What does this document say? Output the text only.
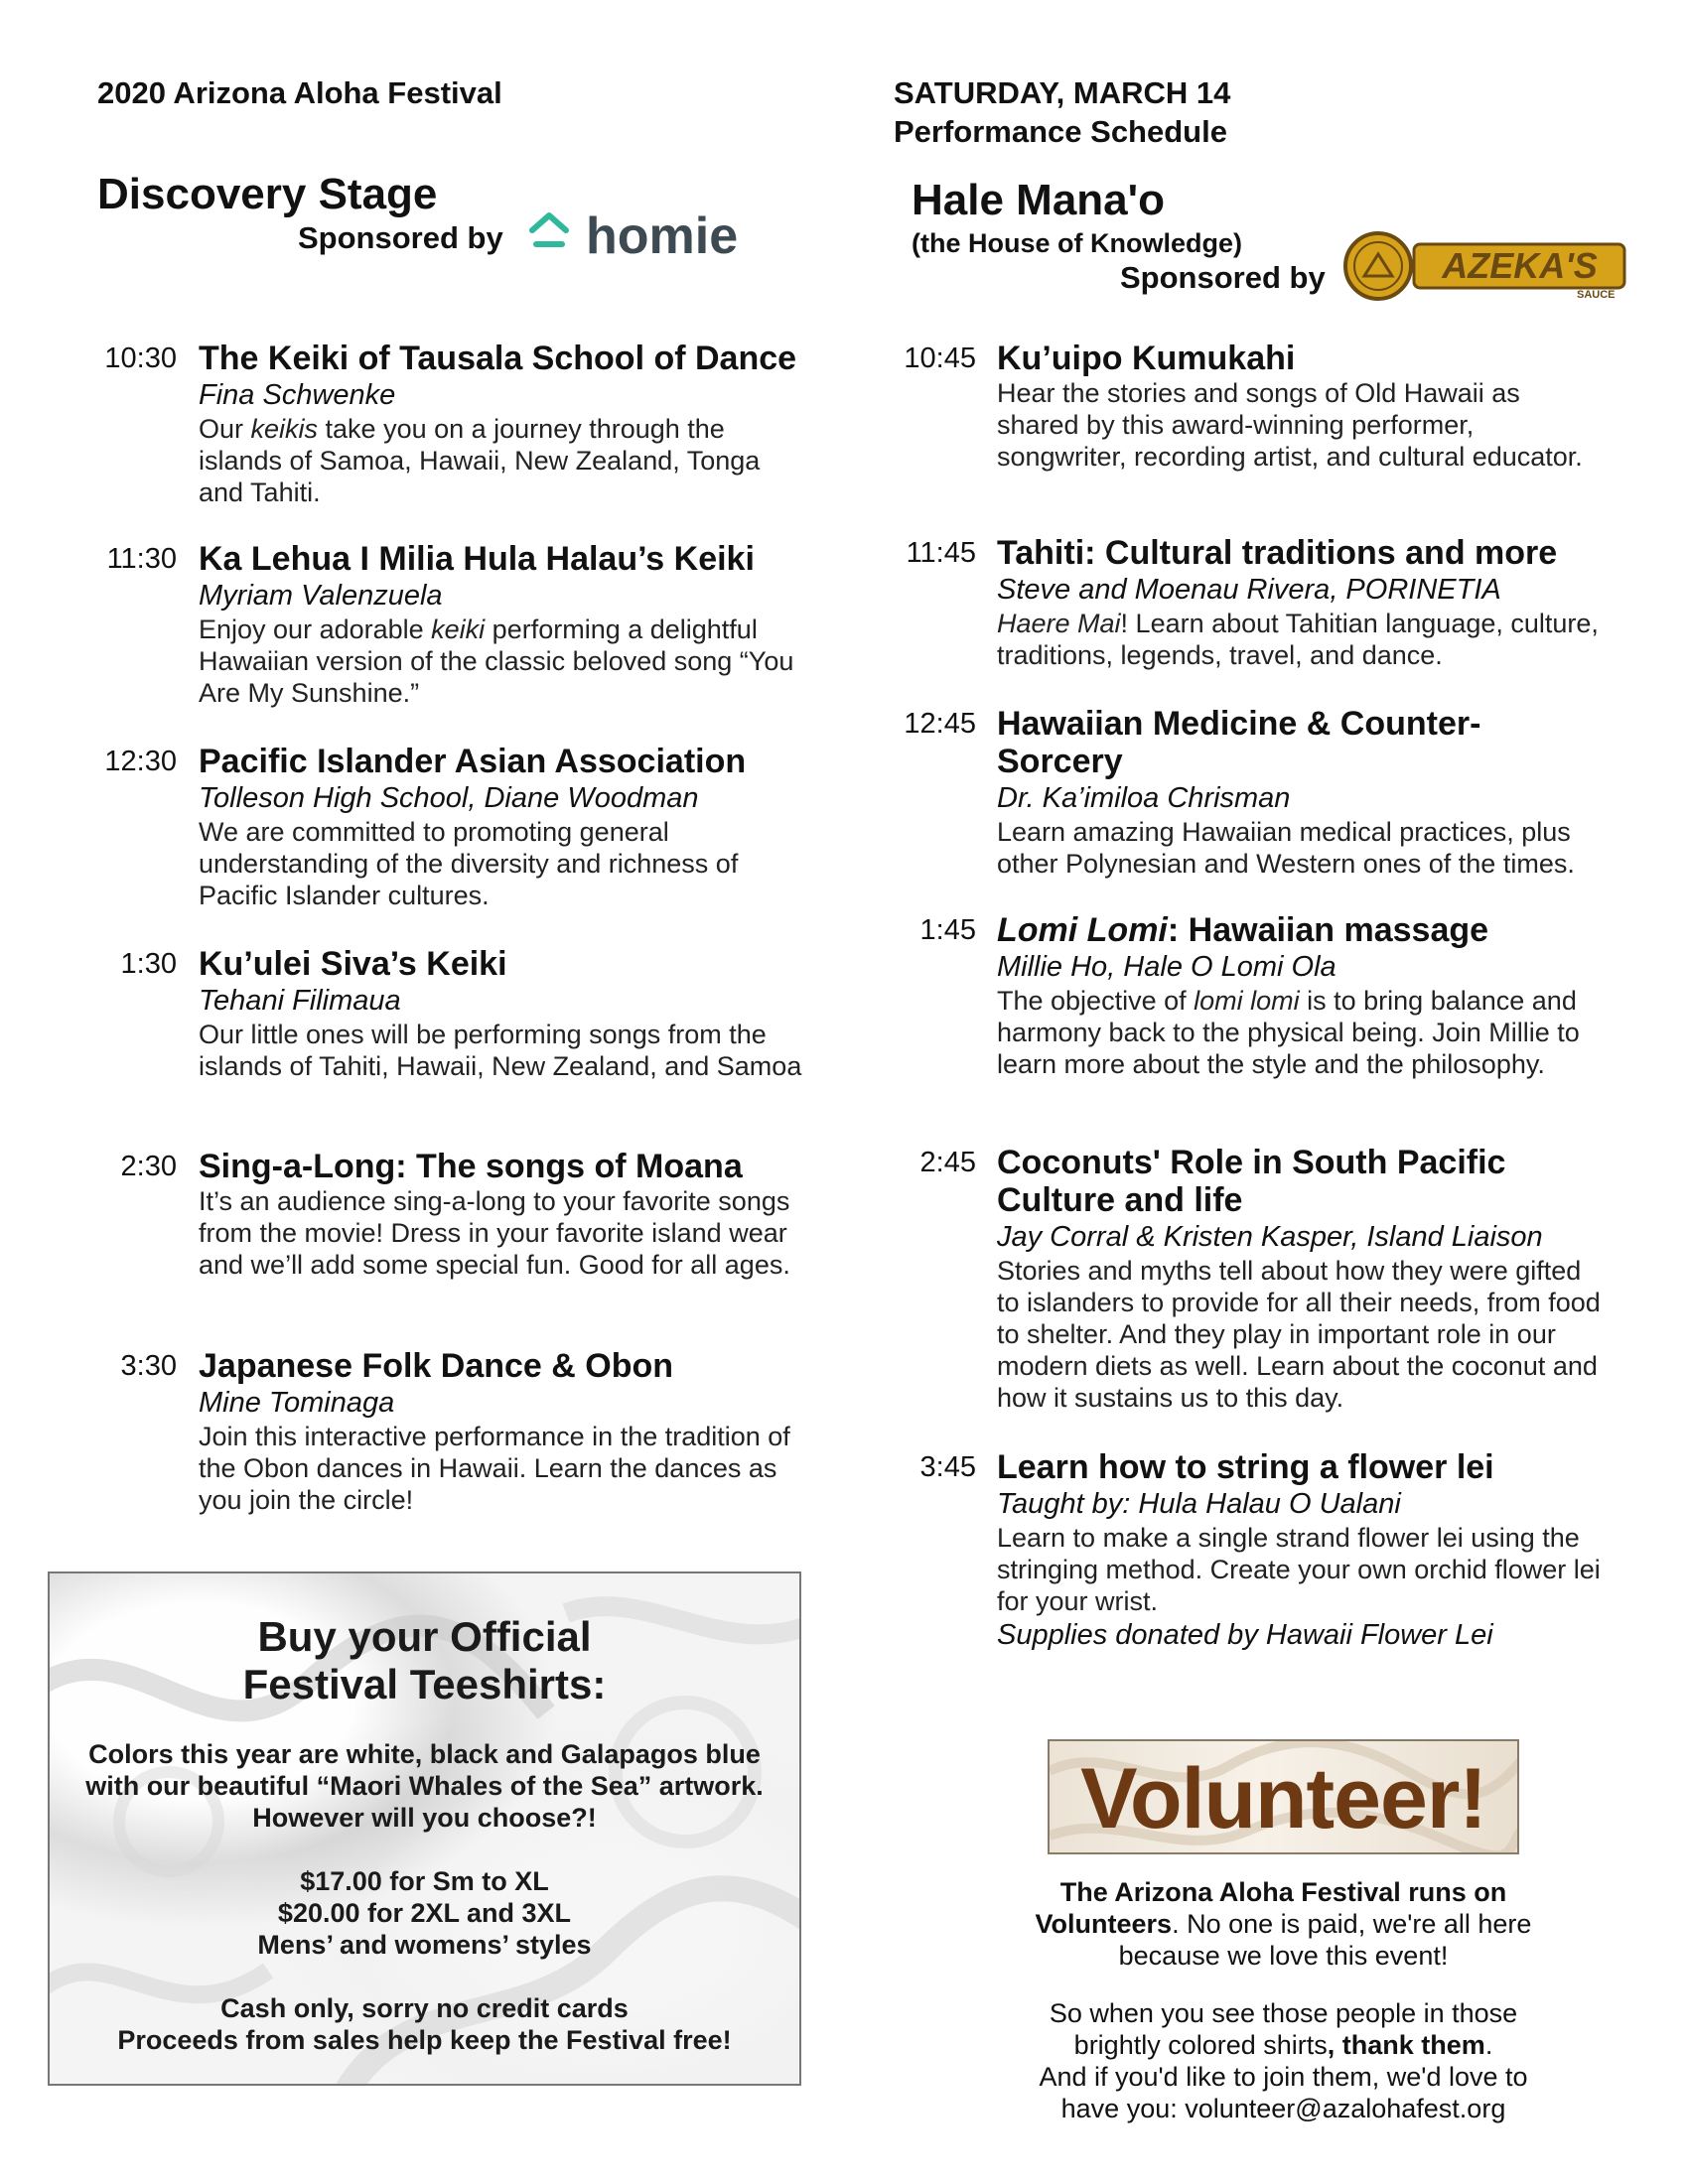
2020 Arizona Aloha Festival	SATURDAY, MARCH 14
Performance Schedule
Discovery Stage
Sponsored by homie
Hale Mana'o
(the House of Knowledge)
Sponsored by	AZEKA'S
SAUCE
10:30 The Keiki of Tausala School of Dance
Fina Schwenke
Our keikis take you on a journey through the islands of Samoa, Hawaii, New Zealand, Tonga and Tahiti.
11:30 Ka Lehua I Milia Hula Halau’s Keiki
Myriam Valenzuela
Enjoy our adorable keiki performing a delightful Hawaiian version of the classic beloved song “You Are My Sunshine.”
12:30 Pacific Islander Asian Association
Tolleson High School, Diane Woodman
We are committed to promoting general understanding of the diversity and richness of Pacific Islander cultures.
1:30 Ku’ulei Siva’s Keiki
Tehani Filimaua
Our little ones will be performing songs from the islands of Tahiti, Hawaii, New Zealand, and Samoa
2:30 Sing-a-Long: The songs of Moana
It’s an audience sing-a-long to your favorite songs from the movie! Dress in your favorite island wear and we’ll add some special fun. Good for all ages.
3:30 Japanese Folk Dance & Obon
Mine Tominaga
Join this interactive performance in the tradition of the Obon dances in Hawaii. Learn the dances as you join the circle!
10:45 Ku’uipo Kumukahi
Hear the stories and songs of Old Hawaii as shared by this award-winning performer, songwriter, recording artist, and cultural educator.
11:45 Tahiti: Cultural traditions and more
Steve and Moenau Rivera, PORINETIA
Haere Mai! Learn about Tahitian language, culture, traditions, legends, travel, and dance.
12:45 Hawaiian Medicine & Counter-
Sorcery
Dr. Ka’imiloa Chrisman
Learn amazing Hawaiian medical practices, plus other Polynesian and Western ones of the times.
1:45 Lomi Lomi: Hawaiian massage
Millie Ho, Hale O Lomi Ola
The objective of lomi lomi is to bring balance and harmony back to the physical being. Join Millie to learn more about the style and the philosophy.
2:45 Coconuts' Role in South Pacific
Culture and life
Jay Corral & Kristen Kasper, Island Liaison
Stories and myths tell about how they were gifted to islanders to provide for all their needs, from food to shelter. And they play in important role in our modern diets as well. Learn about the coconut and how it sustains us to this day.
3:45 Learn how to string a flower lei
Taught by: Hula Halau O Ualani
Learn to make a single strand flower lei using the stringing method. Create your own orchid flower lei for your wrist.
Supplies donated by Hawaii Flower Lei
Buy your Official
Festival Teeshirts:
Colors this year are white, black and Galapagos blue
with our beautiful “Maori Whales of the Sea” artwork.
However will you choose?!
$17.00 for Sm to XL
$20.00 for 2XL and 3XL
Mens’ and womens’ styles
Cash only, sorry no credit cards
Proceeds from sales help keep the Festival free!
Volunteer!
The Arizona Aloha Festival runs on
Volunteers. No one is paid, we're all here
because we love this event!
So when you see those people in those
brightly colored shirts, thank them.
And if you'd like to join them, we'd love to
have you: volunteer@azalohafest.org
